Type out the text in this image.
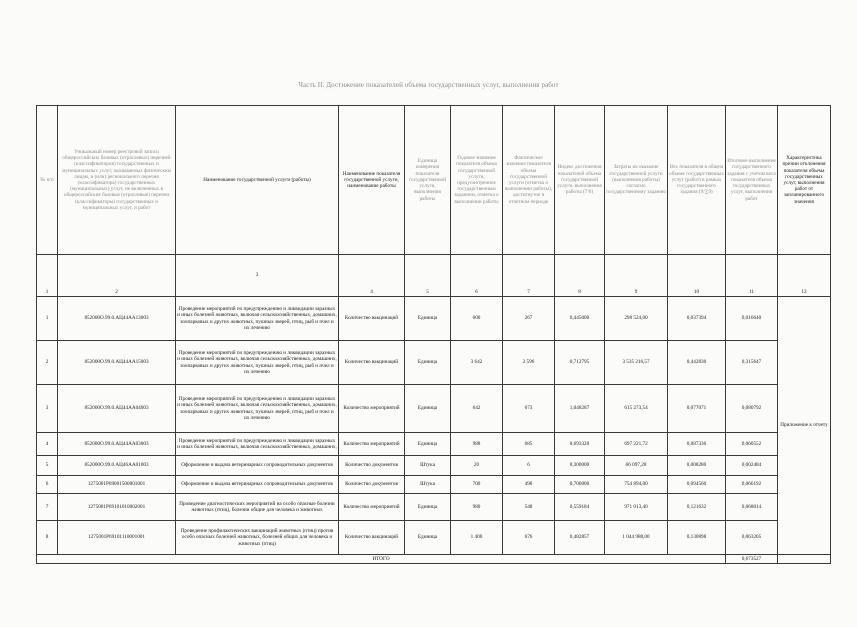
Часть II. Достижение показателей объема государственных услуг, выполнения работ
№ п/п	Уникальный номер реестровой записи общероссийских базовых (отраслевых) перечней (классификаторов) государственных и муниципальных услуг, оказываемых физическим лицам, и (или) регионального перечня (классификатора) государственных (муниципальных) услуг, не включенных в общероссийские базовые (отраслевые) перечни (классификаторы) государственных и муниципальных услуг, и работ	Наименование государственной услуги (работы)	Наименование показателя государственной услуги, наименование работы	Единица измерения показателя государственной услуги, выполнения работы	Годовое значение показателя объема государственной услуги, предусмотренное государственным заданием, отметка о выполнении работы	Фактическое значение показателя объема государственной услуги (отметка о выполнении работы), достигнутое в отчетном периоде	Индекс достижения показателей объема государственной услуги, выполнения работы (7/6)	Затраты на оказание государственной услуги (выполнения работы) согласно государственному заданию	Вес показателя в общем объеме государственных услуг (работ) в рамках государственного задания (9/∑9)	Итоговое выполнение государственного задания с учетом веса показателя объема государственных услуг, выполнения работ	Характеристика причин отклонения показателя объема государственных услуг, выполнения работ от запланированного значения
1	2	3	4	5	6	7	8	9	10	11	12
1	852000О.99.0.АЦ44АА13003	Проведение мероприятий по предупреждению и ликвидации заразных и иных болезней животных, включая сельскохозяйственных, домашних, зоопарковых и других животных, пушных зверей, птиц, рыб и пчел и их лечению	Количество вакцинаций	Единица	600	267	0,445000	298 524,00	0,037394	0,016640	Приложение к отчету
2	852000О.99.0.АЦ44АА15003	Проведение мероприятий по предупреждению и ликвидации заразных и иных болезней животных, включая сельскохозяйственных, домашних, зоопарковых и других животных, пушных зверей, птиц, рыб и пчел и их лечению	Количество вакцинаций	Единица	3 642	2 596	0,712795	3 535 216,57	0,442830	0,315647	
3	852000О.99.0.АЦ44АА04003	Проведение мероприятий по предупреждению и ликвидации заразных и иных болезней животных, включая сельскохозяйственных, домашних, зоопарковых и других животных, пушных зверей, птиц, рыб и пчел и их лечению	Количество мероприятий	Единица	642	673	1,048287	615 273,54	0,077071	0,080792	
4	852000О.99.0.АЦ44АА03003	Проведение мероприятий по предупреждению и ликвидации заразных и иных болезней животных, включая сельскохозяйственных, домашних,	Количество мероприятий	Единица	988	685	0,693320	697 221,72	0,087336	0,060552	
5	852000О.99.0.АЦ46АА01003	Оформление и выдача ветеринарных сопроводительных документов	Количество документов	Штука	20	6	0,300000	66 097,20	0,008280	0,002484	
6	1275001Р69001500001001	Оформление и выдача ветеринарных сопроводительных документов	Количество документов	Штука	700	490	0,700000	754 894,00	0,094560	0,066192	
7	1275001Р69101010002001	Проведение диагностических мероприятий на особо опасные болезни животных (птиц), болезни общие для человека и животных	Количество мероприятий	Единица	980	548	0,559184	971 013,40	0,121632	0,068014	
8	1275001Р69101110001001	Проведение профилактических вакцинаций животных (птиц) против особо опасных болезней животных, болезней общих для человека и животных (птиц)	Количество вакцинаций	Единица	1 400	676	0,482857	1 044 988,00	0,130898	0,063205	
ИТОГО										0,673527	
